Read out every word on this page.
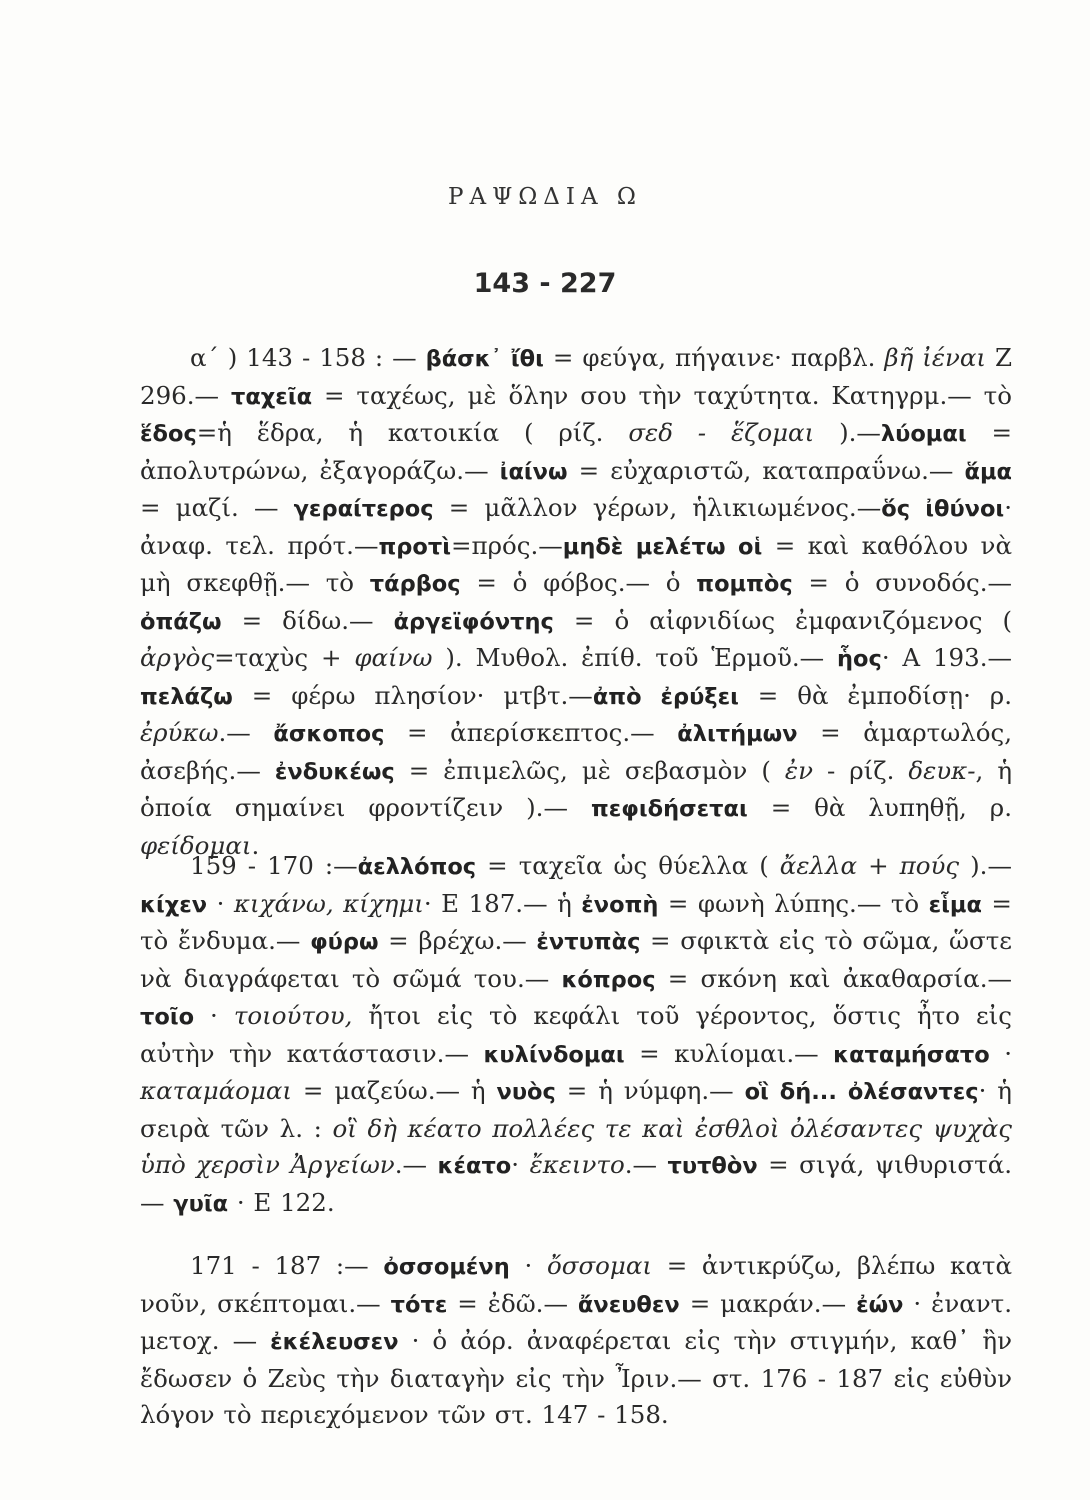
ΡΑΨΩΔΙΑ Ω
143 - 227

α΄ ) 143 - 158 : — βάσκ᾿ ἴθι = φεύγα, πήγαινε· παρβλ. βῆ ἰέναι Ζ 296.— ταχεῖα = ταχέως, μὲ ὅλην σου τὴν ταχύτητα. Κατηγρμ.— τὸ ἕδος=ἡ ἕδρα, ἡ κατοικία ( ρίζ. σεδ - ἕζομαι ).—λύομαι = ἀπολυτρώνω, ἐξαγοράζω.— ἰαίνω = εὐχαριστῶ, καταπραΰνω.— ἅμα = μαζί. — γεραίτερος = μᾶλλον γέρων, ἡλικιωμένος.—ὅς ἰθύνοι· ἀναφ. τελ. πρότ.—προτὶ=πρός.—μηδὲ μελέτω οἱ = καὶ καθόλου νὰ μὴ σκεφθῇ.— τὸ τάρβος = ὁ φόβος.— ὁ πομπὸς = ὁ συνοδός.— ὀπάζω = δίδω.— ἀργεϊφόντης = ὁ αἰφνιδίως ἐμφανιζόμενος ( ἀργὸς=ταχὺς + φαίνω ). Μυθολ. ἐπίθ. τοῦ Ἑρμοῦ.— ἧος· Α 193.— πελάζω = φέρω πλησίον· μτβτ.—ἀπὸ ἐρύξει = θὰ ἐμποδίσῃ· ρ. ἐρύκω.— ἄσκοπος = ἀπερίσκεπτος.— ἀλιτήμων = ἁμαρτωλός, ἀσεβής.— ἐνδυκέως = ἐπιμελῶς, μὲ σεβασμὸν ( ἐν - ρίζ. δευκ-, ἡ ὁποία σημαίνει φροντίζειν ).— πεφιδήσεται = θὰ λυπηθῇ, ρ. φείδομαι.

159 - 170 :—ἀελλόπος = ταχεῖα ὡς θύελλα ( ἄελλα + πούς ).—κίχεν · κιχάνω, κίχημι· Ε 187.— ἡ ἐνοπὴ = φωνὴ λύπης.— τὸ εἷμα = τὸ ἔνδυμα.— φύρω = βρέχω.— ἐντυπὰς = σφικτὰ εἰς τὸ σῶμα, ὥστε νὰ διαγράφεται τὸ σῶμά του.— κόπρος = σκόνη καὶ ἀκαθαρσία.— τοῖο · τοιούτου, ἤτοι εἰς τὸ κεφάλι τοῦ γέροντος, ὅστις ἦτο εἰς αὐτὴν τὴν κατάστασιν.— κυλίνδομαι = κυλίομαι.— καταμήσατο · καταμάομαι = μαζεύω.— ἡ νυὸς = ἡ νύμφη.— οἳ δή... ὀλέσαντες· ἡ σειρὰ τῶν λ. : οἳ δὴ κέατο πολλέες τε καὶ ἐσθλοὶ ὀλέσαντες ψυχὰς ὑπὸ χερσὶν Ἀργείων.— κέατο· ἔκειντο.— τυτθὸν = σιγά, ψιθυριστά.— γυῖα · Ε 122.

171 - 187 :— ὀσσομένη · ὄσσομαι = ἀντικρύζω, βλέπω κατὰ νοῦν, σκέπτομαι.— τότε = ἐδῶ.— ἄνευθεν = μακράν.— ἐών · ἐναντ. μετοχ. — ἐκέλευσεν · ὁ ἀόρ. ἀναφέρεται εἰς τὴν στιγμήν, καθ᾿ ἣν ἔδωσεν ὁ Ζεὺς τὴν διαταγὴν εἰς τὴν Ἶριν.— στ. 176 - 187 εἰς εὐθὺν λόγον τὸ περιεχόμενον τῶν στ. 147 - 158.
